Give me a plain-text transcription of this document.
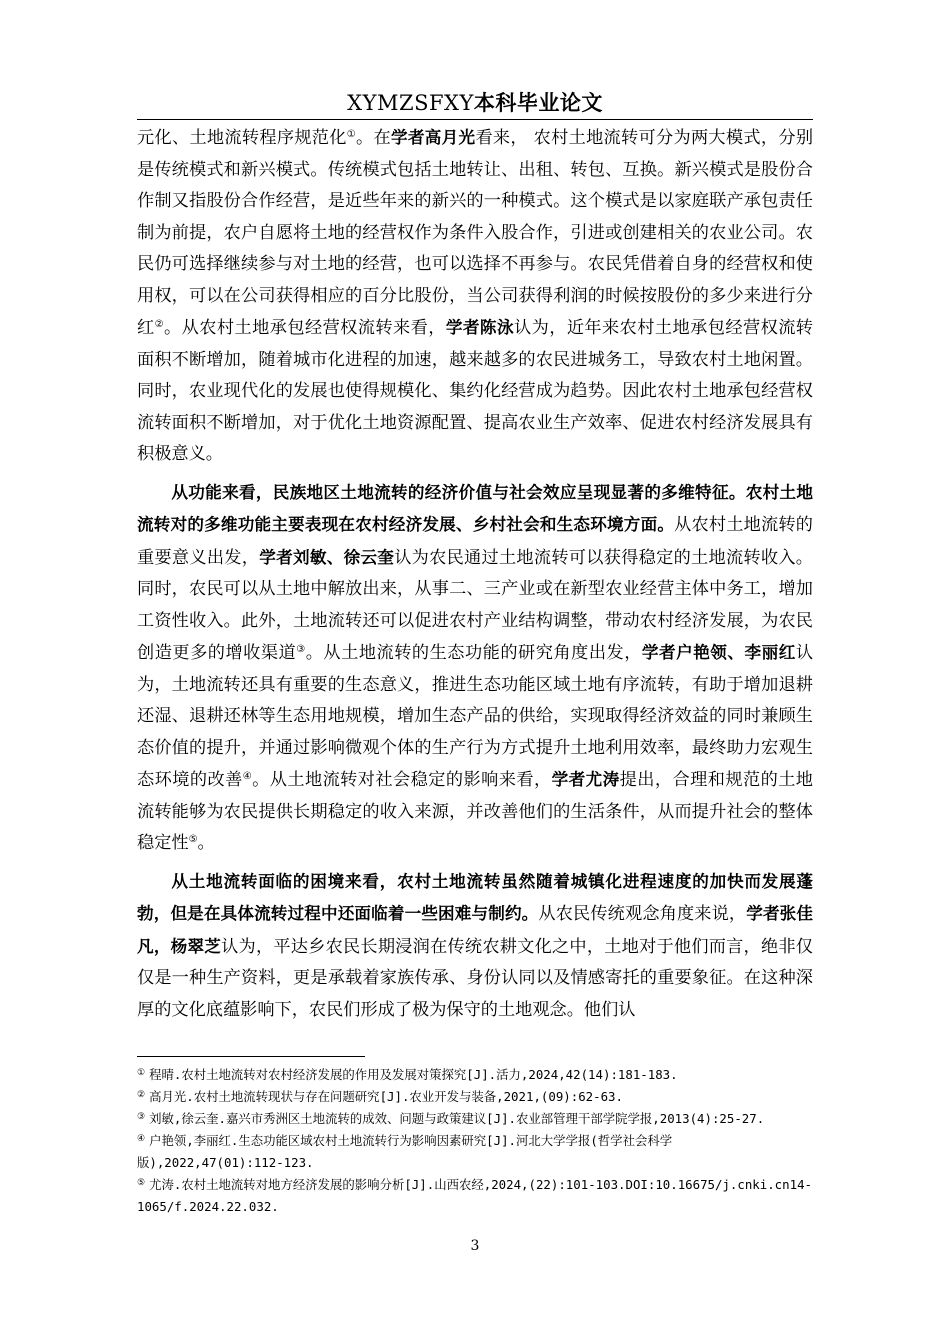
XYMZSFXY本科毕业论文

元化、土地流转程序规范化①。在学者高月光看来， 农村土地流转可分为两大模式，分别是传统模式和新兴模式。传统模式包括土地转让、出租、转包、互换。新兴模式是股份合作制又指股份合作经营，是近些年来的新兴的一种模式。这个模式是以家庭联产承包责任制为前提，农户自愿将土地的经营权作为条件入股合作，引进或创建相关的农业公司。农民仍可选择继续参与对土地的经营，也可以选择不再参与。农民凭借着自身的经营权和使用权，可以在公司获得相应的百分比股份，当公司获得利润的时候按股份的多少来进行分红②。从农村土地承包经营权流转来看，学者陈泳认为，近年来农村土地承包经营权流转面积不断增加，随着城市化进程的加速，越来越多的农民进城务工，导致农村土地闲置。同时，农业现代化的发展也使得规模化、集约化经营成为趋势。因此农村土地承包经营权流转面积不断增加，对于优化土地资源配置、提高农业生产效率、促进农村经济发展具有积极意义。

从功能来看，民族地区土地流转的经济价值与社会效应呈现显著的多维特征。农村土地流转对的多维功能主要表现在农村经济发展、乡村社会和生态环境方面。从农村土地流转的重要意义出发，学者刘敏、徐云奎认为农民通过土地流转可以获得稳定的土地流转收入。同时，农民可以从土地中解放出来，从事二、三产业或在新型农业经营主体中务工，增加工资性收入。此外，土地流转还可以促进农村产业结构调整，带动农村经济发展，为农民创造更多的增收渠道③。从土地流转的生态功能的研究角度出发，学者户艳领、李丽红认为，土地流转还具有重要的生态意义，推进生态功能区域土地有序流转，有助于增加退耕还湿、退耕还林等生态用地规模，增加生态产品的供给，实现取得经济效益的同时兼顾生态价值的提升，并通过影响微观个体的生产行为方式提升土地利用效率，最终助力宏观生态环境的改善④。从土地流转对社会稳定的影响来看，学者尤涛提出，合理和规范的土地流转能够为农民提供长期稳定的收入来源，并改善他们的生活条件，从而提升社会的整体稳定性⑤。

从土地流转面临的困境来看，农村土地流转虽然随着城镇化进程速度的加快而发展蓬勃，但是在具体流转过程中还面临着一些困难与制约。从农民传统观念角度来说，学者张佳凡，杨翠芝认为，平达乡农民长期浸润在传统农耕文化之中，土地对于他们而言，绝非仅仅是一种生产资料，更是承载着家族传承、身份认同以及情感寄托的重要象征。在这种深厚的文化底蕴影响下，农民们形成了极为保守的土地观念。他们认

① 程晴.农村土地流转对农村经济发展的作用及发展对策探究[J].活力,2024,42(14):181-183.

② 高月光.农村土地流转现状与存在问题研究[J].农业开发与装备,2021,(09):62-63.

③ 刘敏,徐云奎.嘉兴市秀洲区土地流转的成效、问题与政策建议[J].农业部管理干部学院学报,2013(4):25-27.

④ 户艳领,李丽红.生态功能区域农村土地流转行为影响因素研究[J].河北大学学报(哲学社会科学版),2022,47(01):112-123.

⑤ 尤涛.农村土地流转对地方经济发展的影响分析[J].山西农经,2024,(22):101-103.DOI:10.16675/j.cnki.cn14-1065/f.2024.22.032.

3
